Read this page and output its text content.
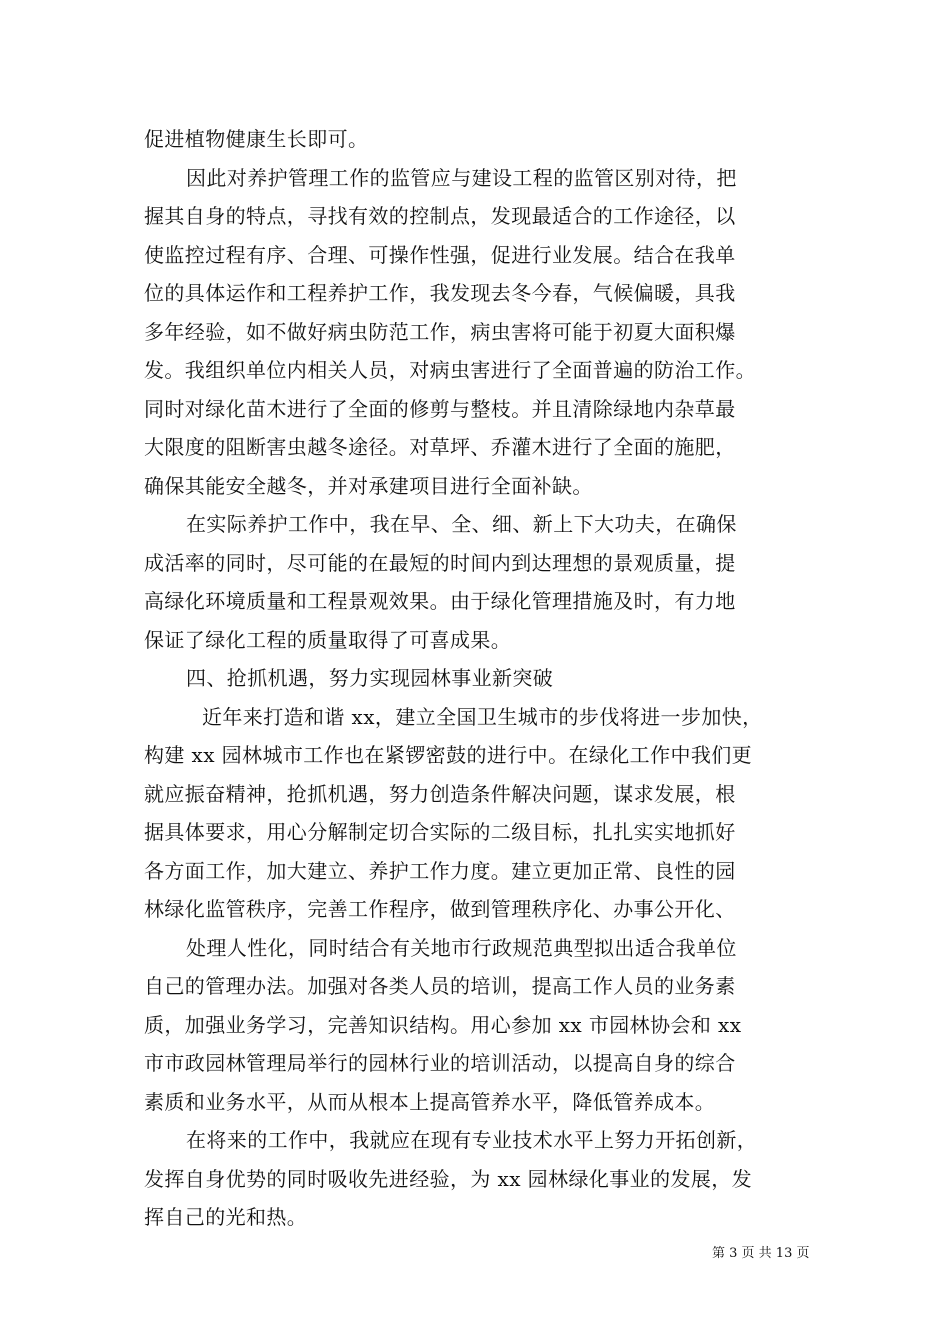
促进植物健康生长即可。
因此对养护管理工作的监管应与建设工程的监管区别对待，把
握其自身的特点，寻找有效的控制点，发现最适合的工作途径，以
使监控过程有序、合理、可操作性强，促进行业发展。结合在我单
位的具体运作和工程养护工作，我发现去冬今春，气候偏暖，具我
多年经验，如不做好病虫防范工作，病虫害将可能于初夏大面积爆
发。我组织单位内相关人员，对病虫害进行了全面普遍的防治工作。
同时对绿化苗木进行了全面的修剪与整枝。并且清除绿地内杂草最
大限度的阻断害虫越冬途径。对草坪、乔灌木进行了全面的施肥，
确保其能安全越冬，并对承建项目进行全面补缺。
在实际养护工作中，我在早、全、细、新上下大功夫，在确保
成活率的同时，尽可能的在最短的时间内到达理想的景观质量，提
高绿化环境质量和工程景观效果。由于绿化管理措施及时，有力地
保证了绿化工程的质量取得了可喜成果。
四、抢抓机遇，努力实现园林事业新突破
近年来打造和谐 xx，建立全国卫生城市的步伐将进一步加快，
构建 xx 园林城市工作也在紧锣密鼓的进行中。在绿化工作中我们更
就应振奋精神，抢抓机遇，努力创造条件解决问题，谋求发展，根
据具体要求，用心分解制定切合实际的二级目标，扎扎实实地抓好
各方面工作，加大建立、养护工作力度。建立更加正常、良性的园
林绿化监管秩序，完善工作程序，做到管理秩序化、办事公开化、
处理人性化，同时结合有关地市行政规范典型拟出适合我单位
自己的管理办法。加强对各类人员的培训，提高工作人员的业务素
质，加强业务学习，完善知识结构。用心参加 xx 市园林协会和 xx
市市政园林管理局举行的园林行业的培训活动，以提高自身的综合
素质和业务水平，从而从根本上提高管养水平，降低管养成本。
在将来的工作中，我就应在现有专业技术水平上努力开拓创新，
发挥自身优势的同时吸收先进经验，为 xx 园林绿化事业的发展，发
挥自己的光和热。
第 3 页 共 13 页
